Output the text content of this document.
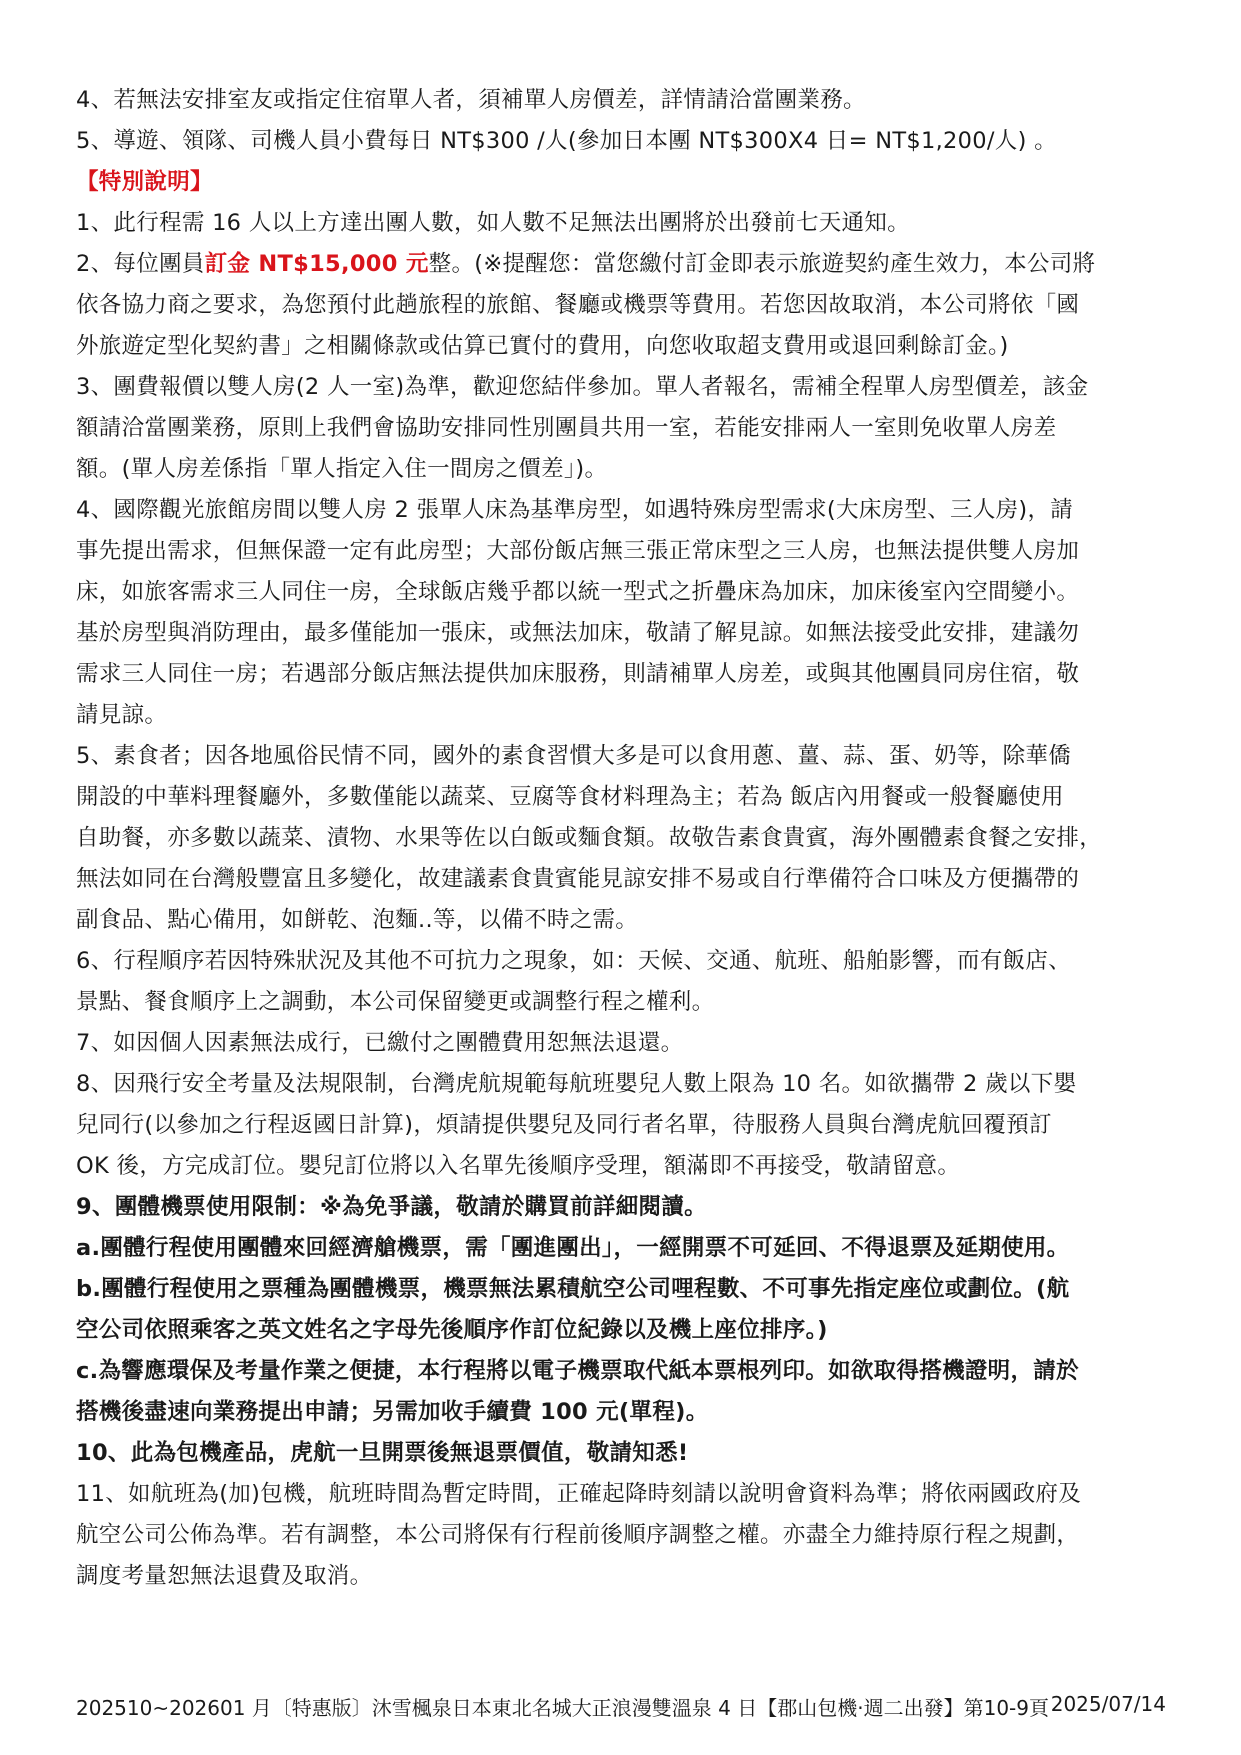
4、若無法安排室友或指定住宿單人者，須補單人房價差，詳情請洽當團業務。
5、導遊、領隊、司機人員小費每日 NT$300 /人(參加日本團 NT$300X4 日= NT$1,200/人) 。
【特別說明】
1、此行程需 16 人以上方達出團人數，如人數不足無法出團將於出發前七天通知。
2、每位團員訂金 NT$15,000 元整。(※提醒您：當您繳付訂金即表示旅遊契約產生效力，本公司將
依各協力商之要求，為您預付此趟旅程的旅館、餐廳或機票等費用。若您因故取消，本公司將依「國
外旅遊定型化契約書」之相關條款或估算已實付的費用，向您收取超支費用或退回剩餘訂金。)
3、團費報價以雙人房(2 人一室)為準，歡迎您結伴參加。單人者報名，需補全程單人房型價差，該金
額請洽當團業務，原則上我們會協助安排同性別團員共用一室，若能安排兩人一室則免收單人房差
額。(單人房差係指「單人指定入住一間房之價差」)。
4、國際觀光旅館房間以雙人房 2 張單人床為基準房型，如遇特殊房型需求(大床房型、三人房)，請
事先提出需求，但無保證一定有此房型；大部份飯店無三張正常床型之三人房，也無法提供雙人房加
床，如旅客需求三人同住一房，全球飯店幾乎都以統一型式之折疊床為加床，加床後室內空間變小。
基於房型與消防理由，最多僅能加一張床，或無法加床，敬請了解見諒。如無法接受此安排，建議勿
需求三人同住一房；若遇部分飯店無法提供加床服務，則請補單人房差，或與其他團員同房住宿，敬
請見諒。
5、素食者；因各地風俗民情不同，國外的素食習慣大多是可以食用蔥、薑、蒜、蛋、奶等，除華僑
開設的中華料理餐廳外，多數僅能以蔬菜、豆腐等食材料理為主；若為 飯店內用餐或一般餐廳使用
自助餐，亦多數以蔬菜、漬物、水果等佐以白飯或麵食類。故敬告素食貴賓，海外團體素食餐之安排，
無法如同在台灣般豐富且多變化，故建議素食貴賓能見諒安排不易或自行準備符合口味及方便攜帶的
副食品、點心備用，如餅乾、泡麵..等，以備不時之需。
6、行程順序若因特殊狀況及其他不可抗力之現象，如：天候、交通、航班、船舶影響，而有飯店、
景點、餐食順序上之調動，本公司保留變更或調整行程之權利。
7、如因個人因素無法成行，已繳付之團體費用恕無法退還。
8、因飛行安全考量及法規限制，台灣虎航規範每航班嬰兒人數上限為 10 名。如欲攜帶 2 歲以下嬰
兒同行(以參加之行程返國日計算)，煩請提供嬰兒及同行者名單，待服務人員與台灣虎航回覆預訂
OK 後，方完成訂位。嬰兒訂位將以入名單先後順序受理，額滿即不再接受，敬請留意。
9、團體機票使用限制：※為免爭議，敬請於購買前詳細閱讀。
a.團體行程使用團體來回經濟艙機票，需「團進團出」，一經開票不可延回、不得退票及延期使用。
b.團體行程使用之票種為團體機票，機票無法累積航空公司哩程數、不可事先指定座位或劃位。(航
空公司依照乘客之英文姓名之字母先後順序作訂位紀錄以及機上座位排序。)
c.為響應環保及考量作業之便捷，本行程將以電子機票取代紙本票根列印。如欲取得搭機證明，請於
搭機後盡速向業務提出申請；另需加收手續費 100 元(單程)。
10、此為包機產品，虎航一旦開票後無退票價值，敬請知悉!
11、如航班為(加)包機，航班時間為暫定時間，正確起降時刻請以說明會資料為準；將依兩國政府及
航空公司公佈為準。若有調整，本公司將保有行程前後順序調整之權。亦盡全力維持原行程之規劃，
調度考量恕無法退費及取消。
202510~202601 月〔特惠版〕沐雪楓泉日本東北名城大正浪漫雙溫泉 4 日【郡山包機‧週二出發】第10-9頁 2025/07/14
